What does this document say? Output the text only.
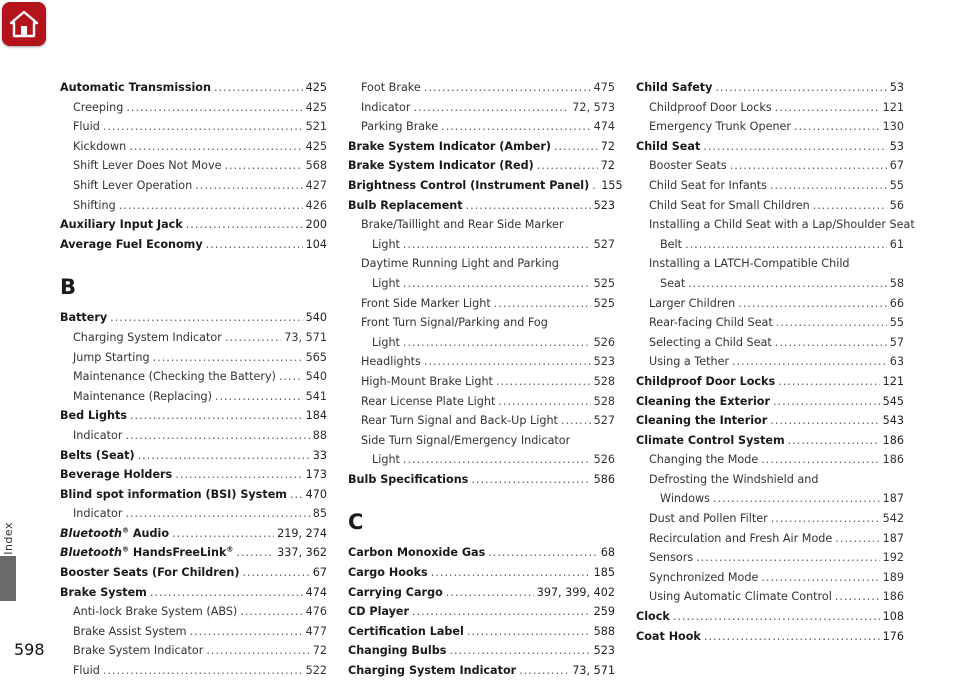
Index
598
Automatic Transmission .....	425
Creeping .....	425
Fluid .....	521
Kickdown .....	425
Shift Lever Does Not Move .....	568
Shift Lever Operation .....	427
Shifting .....	426
Auxiliary Input Jack .....	200
Average Fuel Economy .....	104
B
Battery .....	540
Charging System Indicator .....	73, 571
Jump Starting .....	565
Maintenance (Checking the Battery) .....	540
Maintenance (Replacing) .....	541
Bed Lights .....	184
Indicator .....	88
Belts (Seat) .....	33
Beverage Holders .....	173
Blind spot information (BSI) System ..... 470
Indicator .....	85
Bluetooth® Audio .....	219, 274
Bluetooth® HandsFreeLink® .....	337, 362
Booster Seats (For Children) .....	67
Brake System .....	474
Anti-lock Brake System (ABS) .....	476
Brake Assist System .....	477
Brake System Indicator .....	72
Fluid .....	522
Foot Brake .....	475
Indicator .....	72, 573
Parking Brake .....	474
Brake System Indicator (Amber) .....	72
Brake System Indicator (Red) .....	72
Brightness Control (Instrument Panel) ..... 155
Bulb Replacement .....	523
Brake/Taillight and Rear Side Marker
Light .....	527
Daytime Running Light and Parking
Light .....	525
Front Side Marker Light .....	525
Front Turn Signal/Parking and Fog
Light .....	526
Headlights .....	523
High-Mount Brake Light .....	528
Rear License Plate Light .....	528
Rear Turn Signal and Back-Up Light .....	527
Side Turn Signal/Emergency Indicator
Light .....	526
Bulb Specifications .....	586
C
Carbon Monoxide Gas .....	68
Cargo Hooks .....	185
Carrying Cargo .....	397, 399, 402
CD Player .....	259
Certification Label .....	588
Changing Bulbs .....	523
Charging System Indicator .....	73, 571
Child Safety .....	53
Childproof Door Locks .....	121
Emergency Trunk Opener .....	130
Child Seat .....	53
Booster Seats .....	67
Child Seat for Infants .....	55
Child Seat for Small Children .....	56
Installing a Child Seat with a Lap/Shoulder Seat
Belt .....	61
Installing a LATCH-Compatible Child
Seat .....	58
Larger Children .....	66
Rear-facing Child Seat .....	55
Selecting a Child Seat .....	57
Using a Tether .....	63
Childproof Door Locks .....	121
Cleaning the Exterior .....	545
Cleaning the Interior .....	543
Climate Control System .....	186
Changing the Mode .....	186
Defrosting the Windshield and
Windows .....	187
Dust and Pollen Filter .....	542
Recirculation and Fresh Air Mode .....	187
Sensors .....	192
Synchronized Mode .....	189
Using Automatic Climate Control .....	186
Clock .....	108
Coat Hook .....	176
